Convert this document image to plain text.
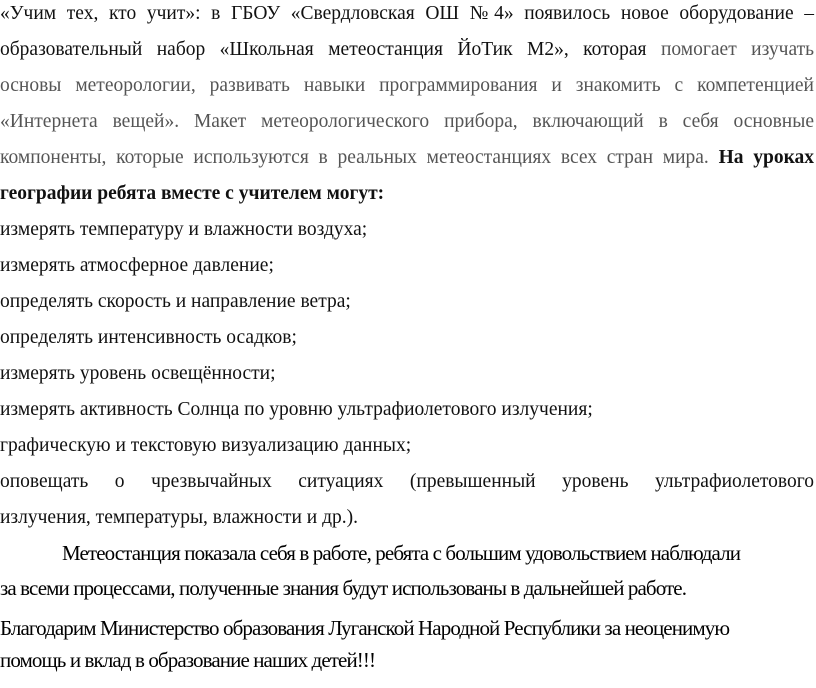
«Учим тех, кто учит»: в ГБОУ «Свердловская ОШ №4» появилось новое оборудование –
образовательный набор «Школьная метеостанция ЙоТик М2», которая помогает изучать
основы метеорологии, развивать навыки программирования и знакомить с компетенцией
«Интернета вещей». Макет метеорологического прибора, включающий в себя основные
компоненты, которые используются в реальных метеостанциях всех стран мира. На уроках
географии ребята вместе с учителем могут:
измерять температуру и влажности воздуха;
измерять атмосферное давление;
определять скорость и направление ветра;
определять интенсивность осадков;
измерять уровень освещённости;
измерять активность Солнца по уровню ультрафиолетового излучения;
графическую и текстовую визуализацию данных;
оповещать о чрезвычайных ситуациях (превышенный уровень ультрафиолетового
излучения, температуры, влажности и др.).
Метеостанция показала себя в работе, ребята с большим удовольствием наблюдали
за всеми процессами, полученные знания будут использованы в дальнейшей работе.
Благодарим Министерство образования Луганской Народной Республики за неоценимую
помощь и вклад в образование наших детей!!!
